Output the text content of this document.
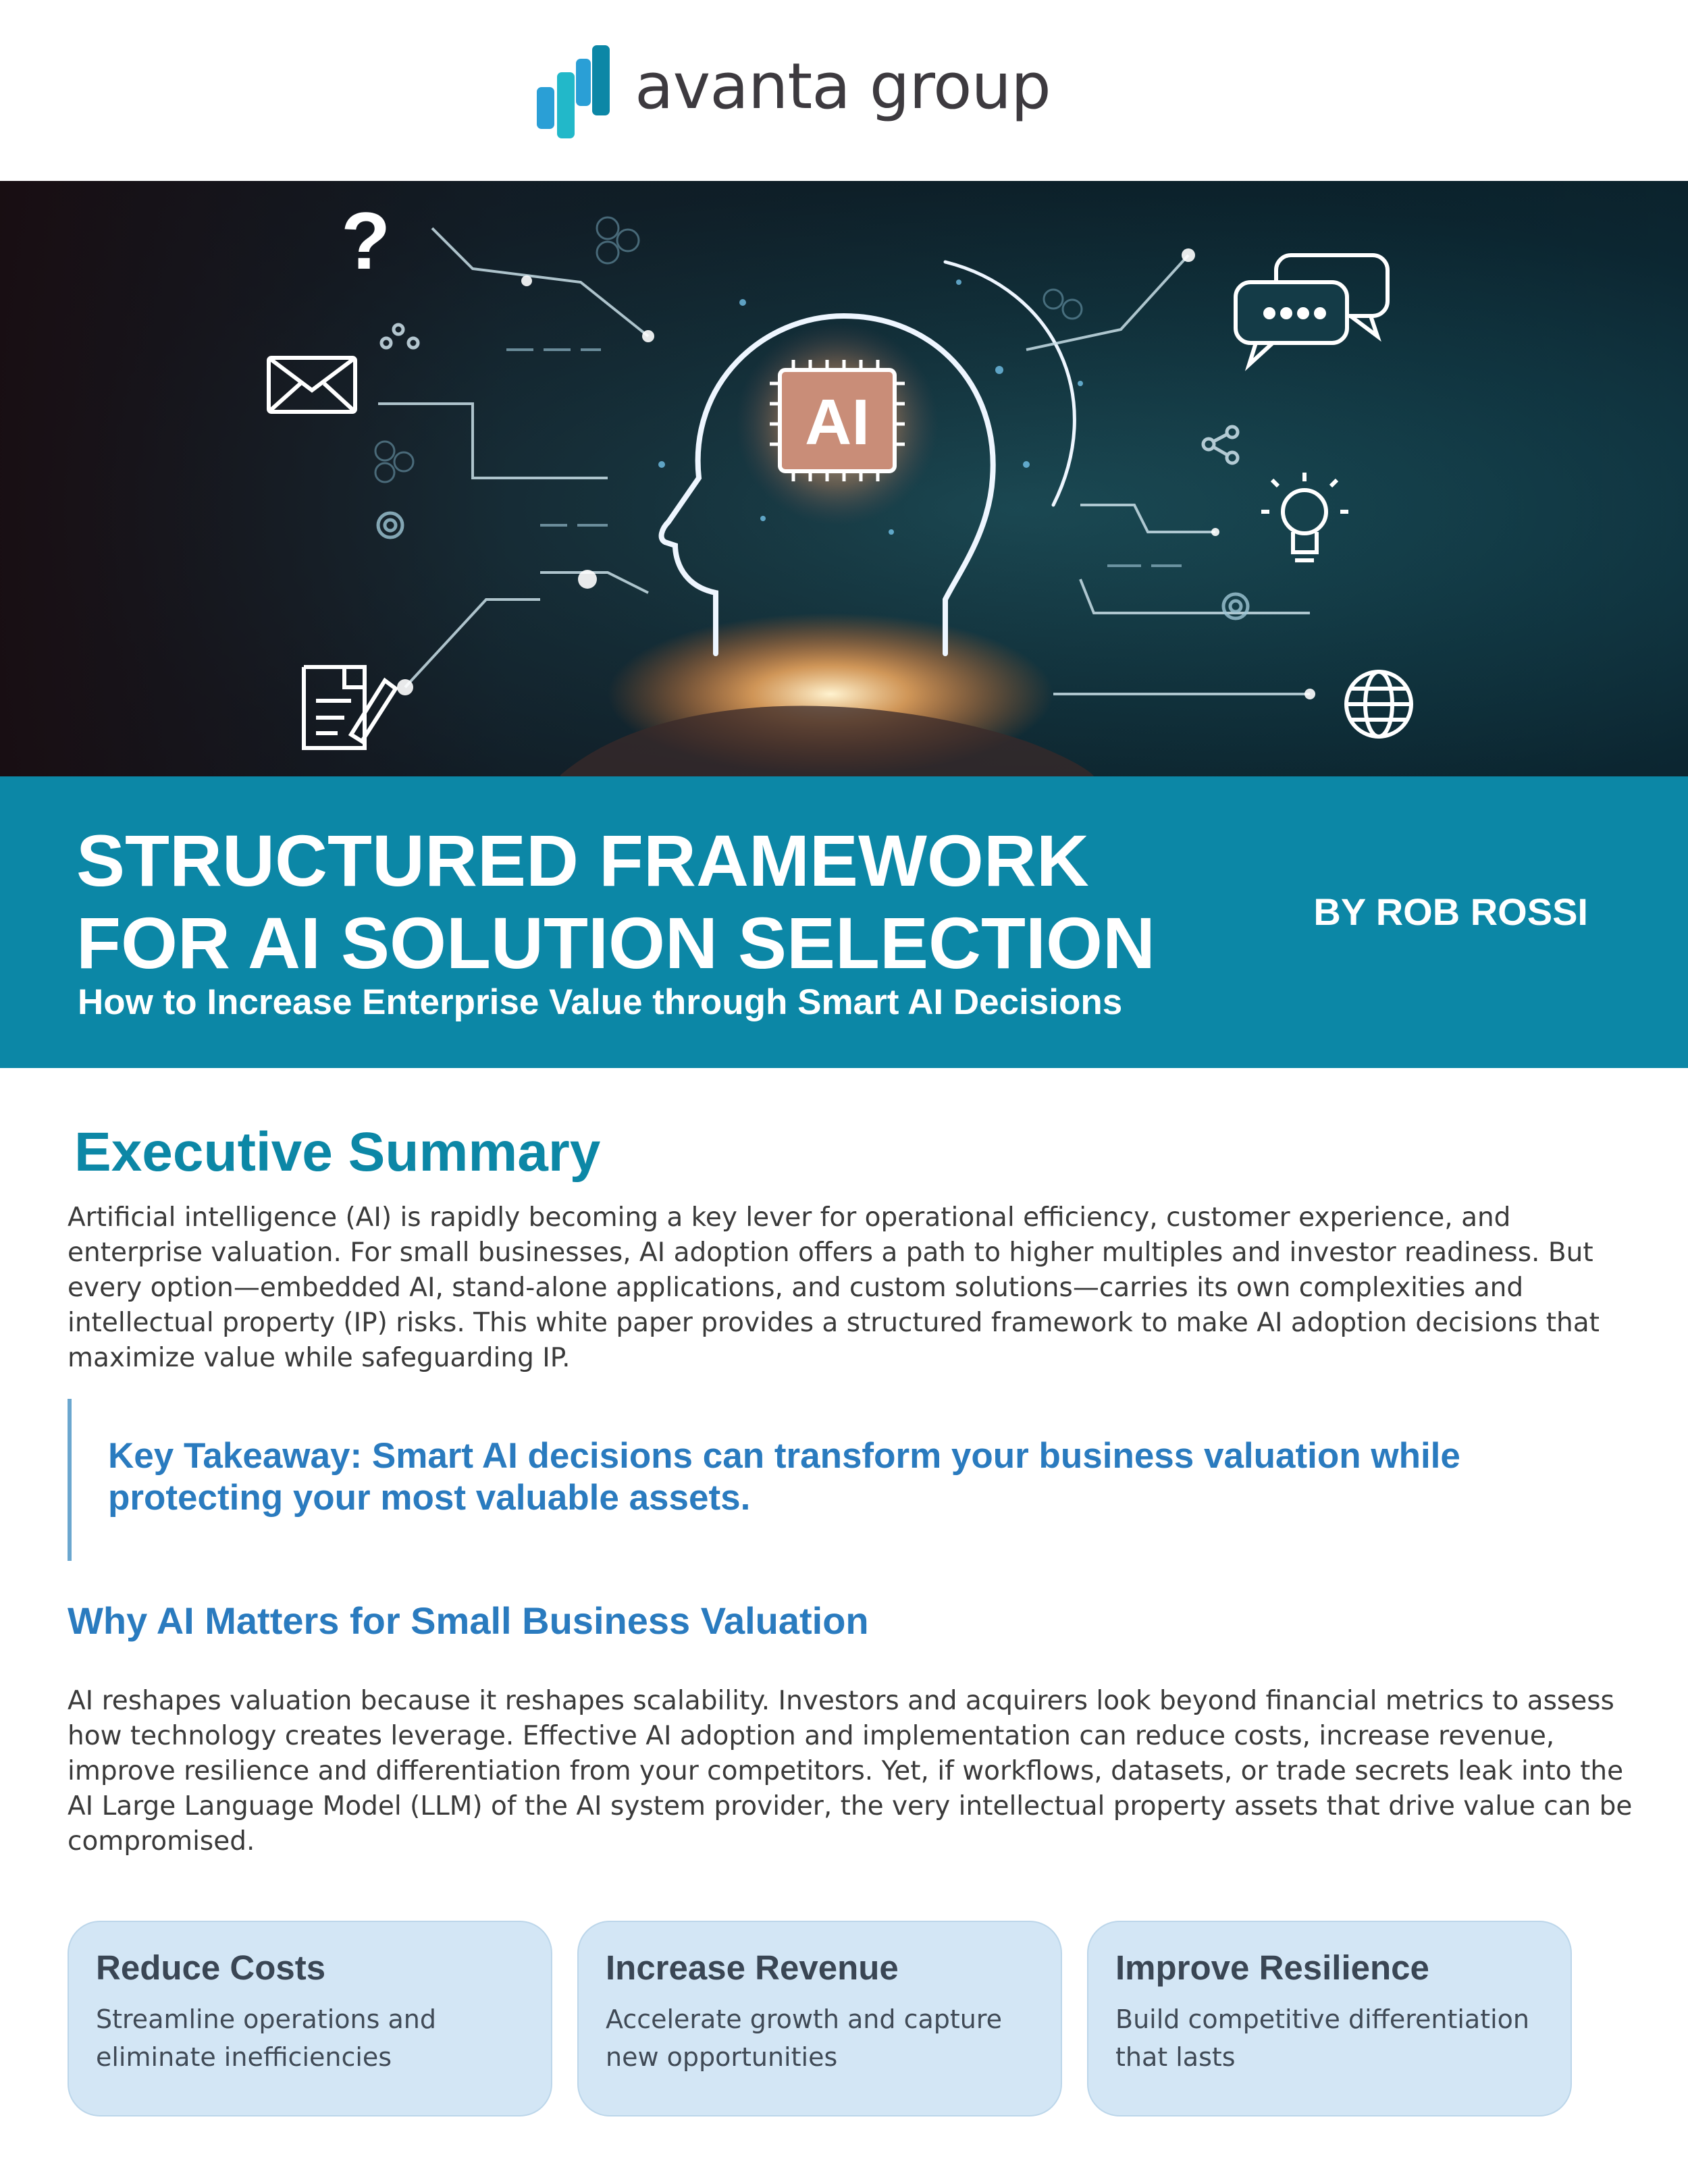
avanta group
AI
?
STRUCTURED FRAMEWORK
FOR AI SOLUTION SELECTION
How to Increase Enterprise Value through Smart AI Decisions
BY ROB ROSSI
Executive Summary
Artificial intelligence (AI) is rapidly becoming a key lever for operational efficiency, customer experience, and enterprise valuation. For small businesses, AI adoption offers a path to higher multiples and investor readiness. But every option—embedded AI, stand-alone applications, and custom solutions—carries its own complexities and intellectual property (IP) risks. This white paper provides a structured framework to make AI adoption decisions that maximize value while safeguarding IP.
Key Takeaway: Smart AI decisions can transform your business valuation while protecting your most valuable assets.
Why AI Matters for Small Business Valuation
AI reshapes valuation because it reshapes scalability. Investors and acquirers look beyond financial metrics to assess how technology creates leverage. Effective AI adoption and implementation can reduce costs, increase revenue, improve resilience and differentiation from your competitors. Yet, if workflows, datasets, or trade secrets leak into the AI Large Language Model (LLM) of the AI system provider, the very intellectual property assets that drive value can be compromised.
Reduce Costs
Streamline operations and eliminate inefficiencies
Increase Revenue
Accelerate growth and capture new opportunities
Improve Resilience
Build competitive differentiation that lasts
